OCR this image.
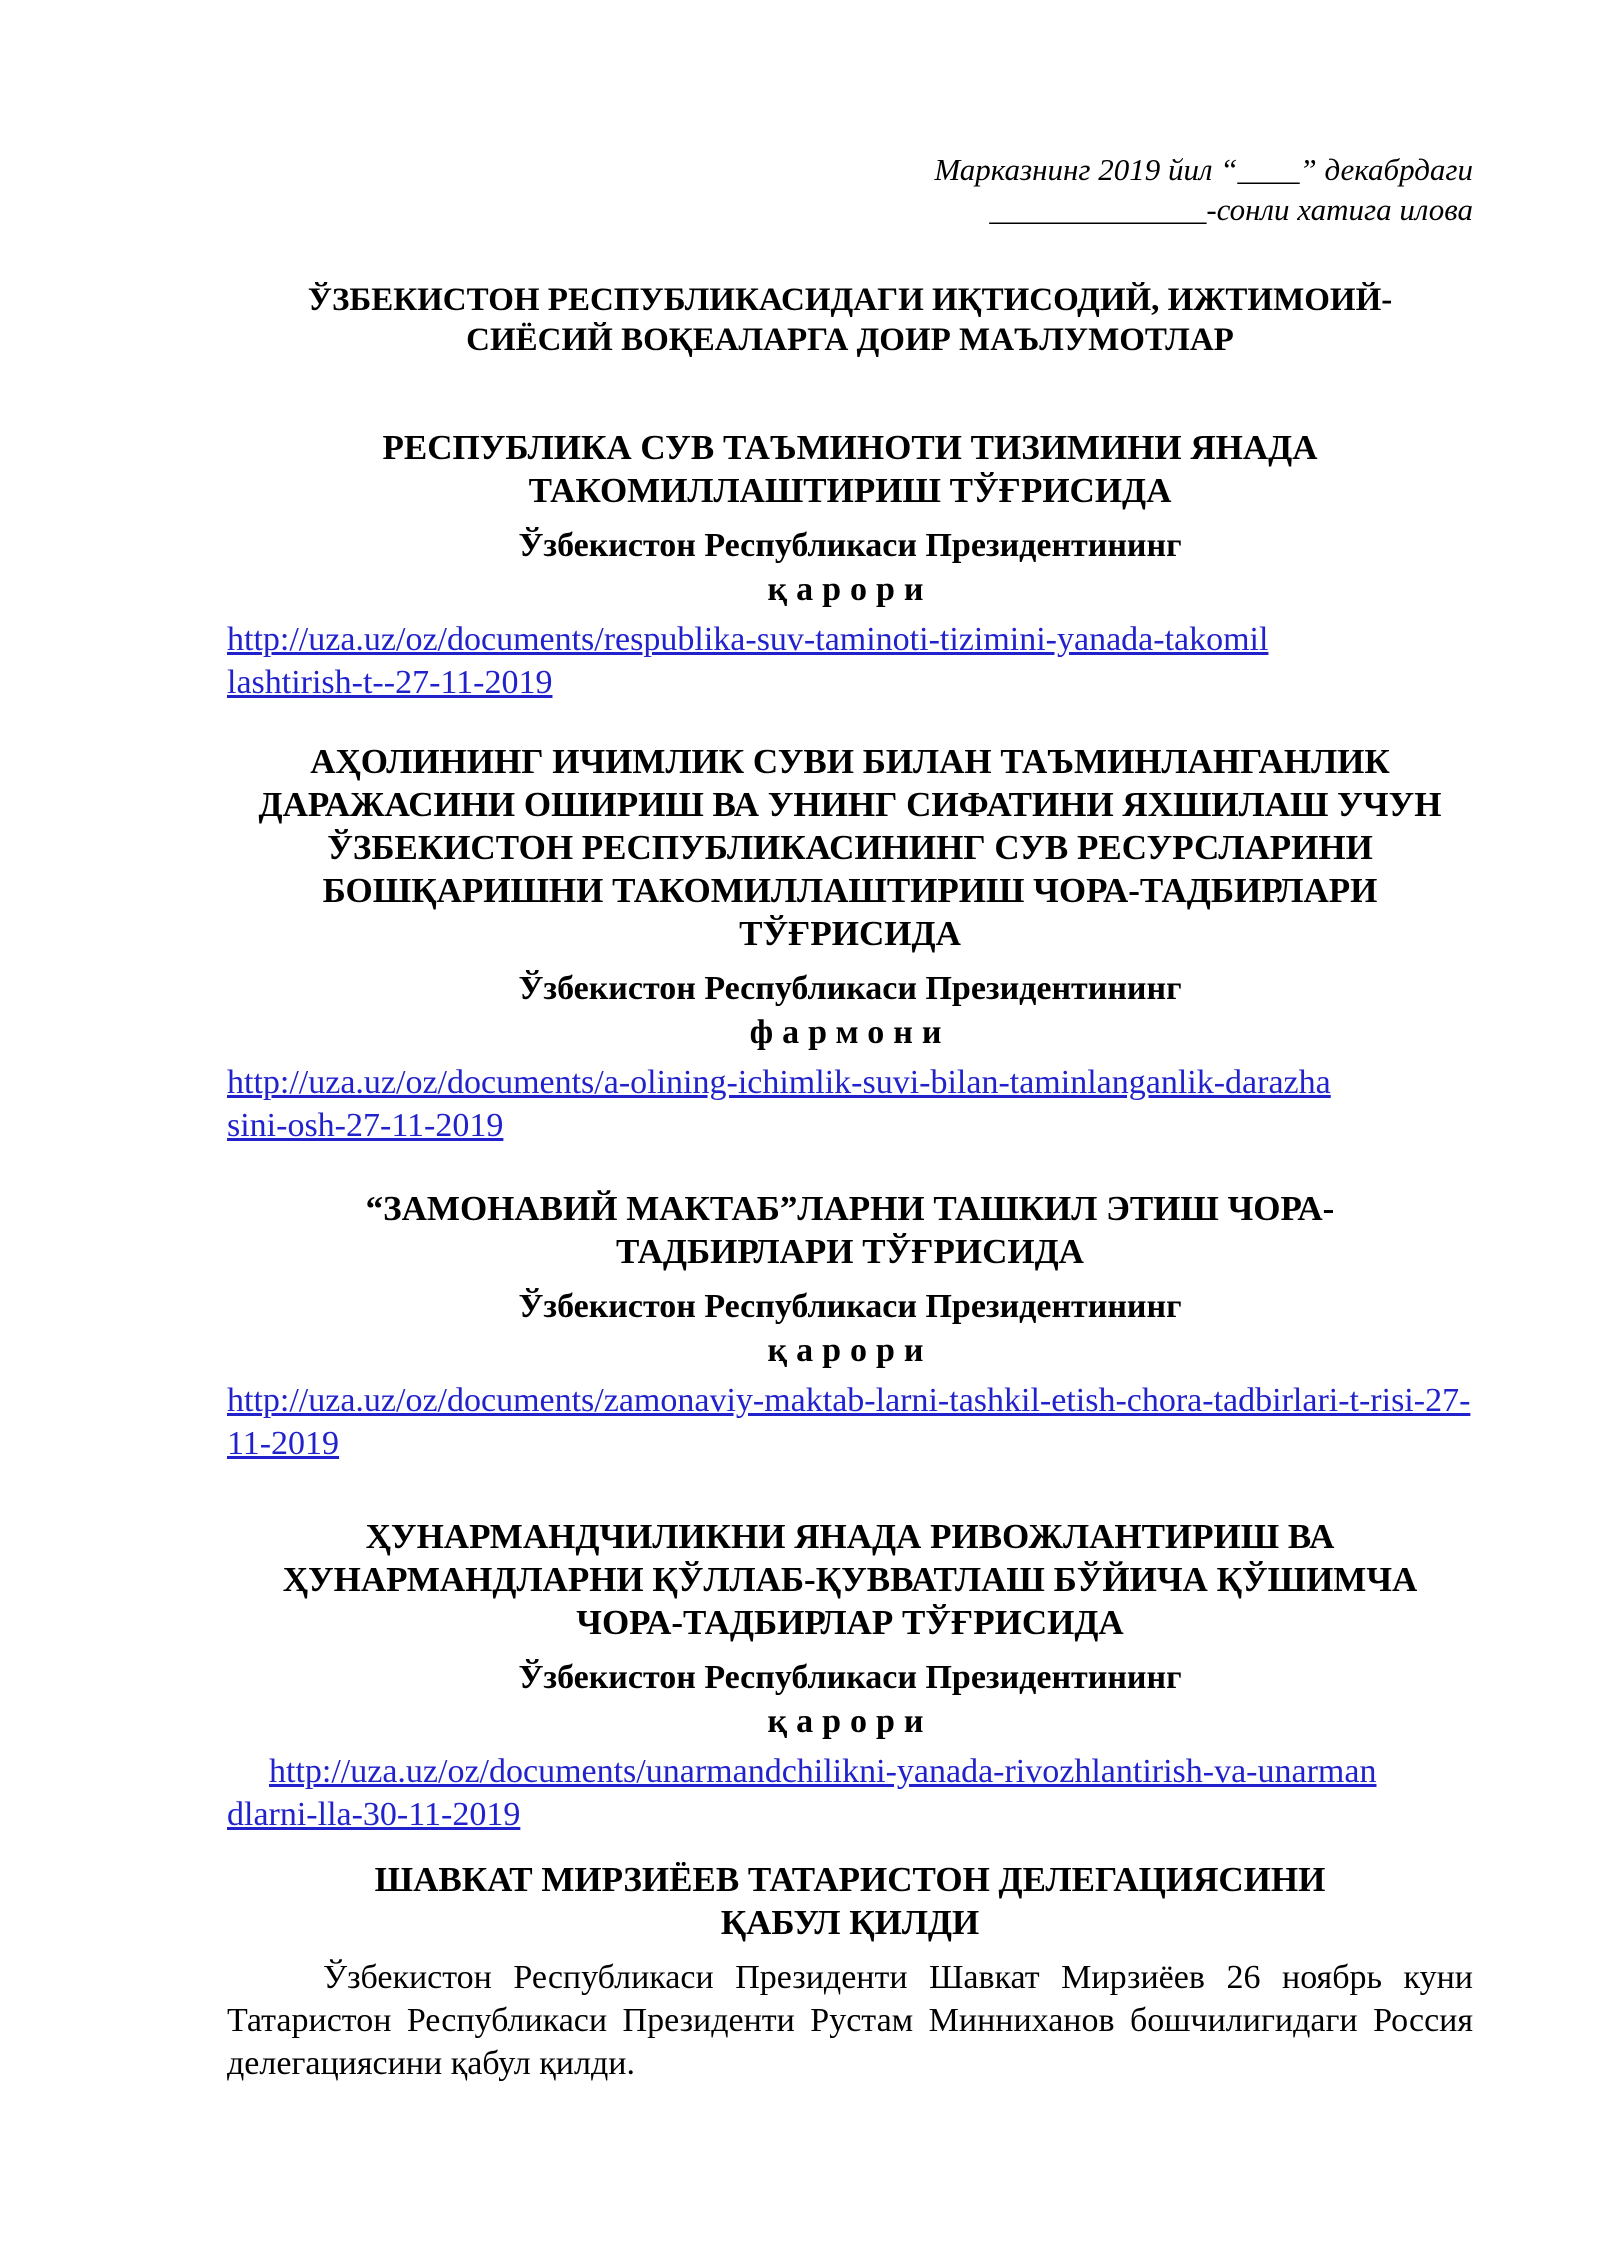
Марказнинг 2019 йил “____” декабрдаги
______________-сонли хатига илова
ЎЗБЕКИСТОН РЕСПУБЛИКАСИДАГИ ИҚТИСОДИЙ, ИЖТИМОИЙ-СИЁСИЙ ВОҚЕАЛАРГА ДОИР МАЪЛУМОТЛАР
РЕСПУБЛИКА СУВ ТАЪМИНОТИ ТИЗИМИНИ ЯНАДА ТАКОМИЛЛАШТИРИШ ТЎҒРИСИДА
Ўзбекистон Республикаси Президентининг
қарори
http://uza.uz/oz/documents/respublika-suv-taminoti-tizimini-yanada-takomillashtirish-t--27-11-2019
АҲОЛИНИНГ ИЧИМЛИК СУВИ БИЛАН ТАЪМИНЛАНГАНЛИК ДАРАЖАСИНИ ОШИРИШ ВА УНИНГ СИФАТИНИ ЯХШИЛАШ УЧУН ЎЗБЕКИСТОН РЕСПУБЛИКАСИНИНГ СУВ РЕСУРСЛАРИНИ БОШҚАРИШНИ ТАКОМИЛЛАШТИРИШ ЧОРА-ТАДБИРЛАРИ ТЎҒРИСИДА
Ўзбекистон Республикаси Президентининг
фармони
http://uza.uz/oz/documents/a-olining-ichimlik-suvi-bilan-taminlanganlik-darazhasini-osh-27-11-2019
“ЗАМОНАВИЙ МАКТАБ”ЛАРНИ ТАШКИЛ ЭТИШ ЧОРА-ТАДБИРЛАРИ ТЎҒРИСИДА
Ўзбекистон Республикаси Президентининг
қарори
http://uza.uz/oz/documents/zamonaviy-maktab-larni-tashkil-etish-chora-tadbirlari-t-risi-27-11-2019
ҲУНАРМАНДЧИЛИКНИ ЯНАДА РИВОЖЛАНТИРИШ ВА ҲУНАРМАНДЛАРНИ ҚЎЛЛАБ-ҚУВВАТЛАШ БЎЙИЧА ҚЎШИМЧА ЧОРА-ТАДБИРЛАР ТЎҒРИСИДА
Ўзбекистон Республикаси Президентининг
қарори
http://uza.uz/oz/documents/unarmandchilikni-yanada-rivozhlantirish-va-unarmandlarni-lla-30-11-2019
ШАВКАТ МИРЗИЁЕВ ТАТАРИСТОН ДЕЛЕГАЦИЯСИНИ ҚАБУЛ ҚИЛДИ

Ўзбекистон Республикаси Президенти Шавкат Мирзиёев 26 ноябрь куни Татаристон Республикаси Президенти Рустам Минниханов бошчилигидаги Россия делегациясини қабул қилди.
